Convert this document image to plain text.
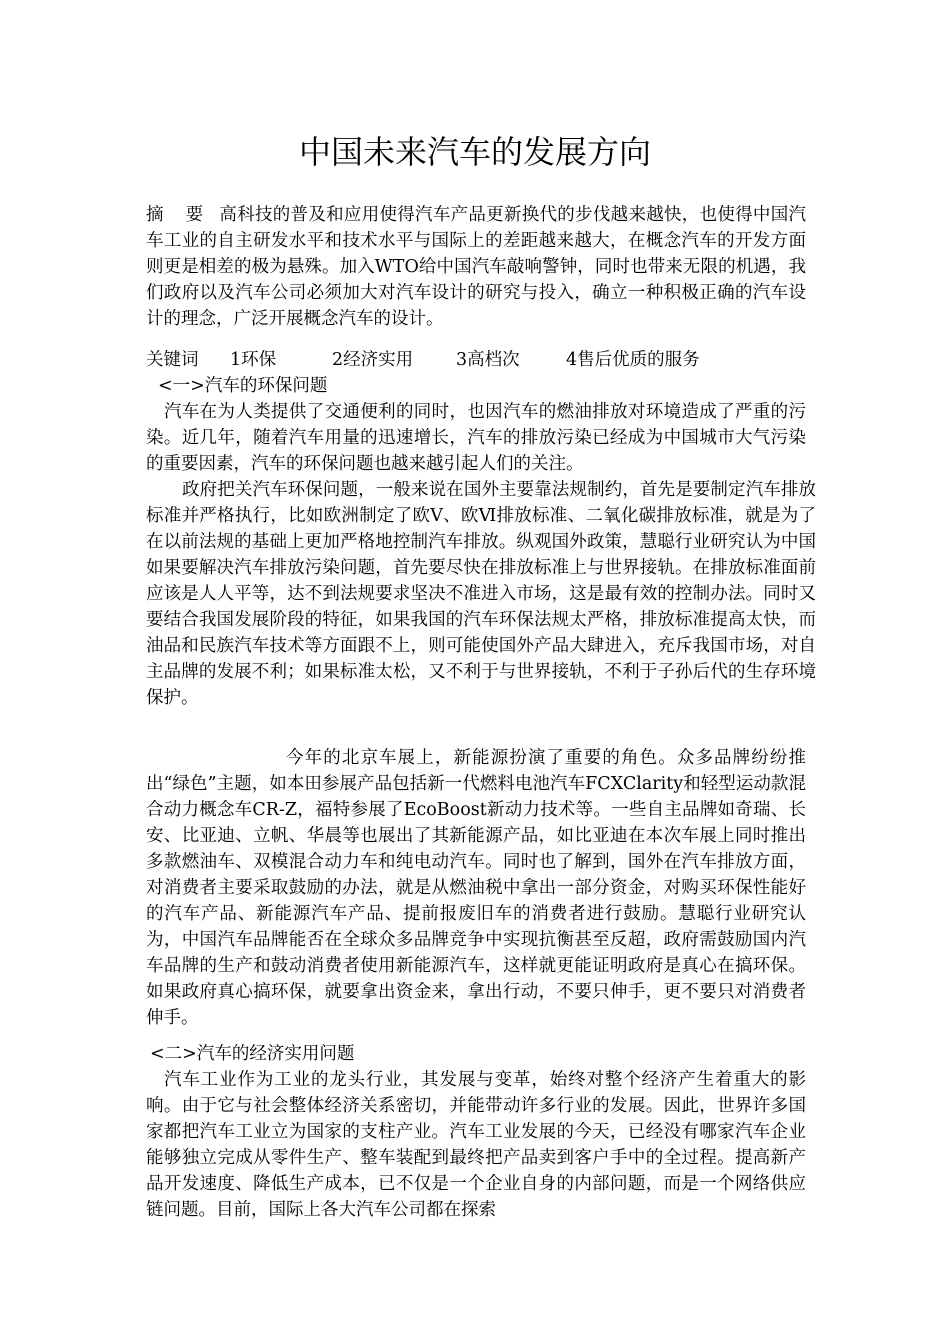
中国未来汽车的发展方向

摘 要 高科技的普及和应用使得汽车产品更新换代的步伐越来越快，也使得中国汽车工业的自主研发水平和技术水平与国际上的差距越来越大，在概念汽车的开发方面则更是相差的极为悬殊。加入WTO给中国汽车敲响警钟，同时也带来无限的机遇，我们政府以及汽车公司必须加大对汽车设计的研究与投入，确立一种积极正确的汽车设计的理念，广泛开展概念汽车的设计。

关键词 1环保	2经济实用 3高档次	4售后优质的服务
<一>汽车的环保问题

汽车在为人类提供了交通便利的同时，也因汽车的燃油排放对环境造成了严重的污染。近几年，随着汽车用量的迅速增长，汽车的排放污染已经成为中国城市大气污染的重要因素，汽车的环保问题也越来越引起人们的关注。

政府把关汽车环保问题，一般来说在国外主要靠法规制约，首先是要制定汽车排放标准并严格执行，比如欧洲制定了欧Ⅴ、欧Ⅵ排放标准、二氧化碳排放标准，就是为了在以前法规的基础上更加严格地控制汽车排放。纵观国外政策，慧聪行业研究认为中国如果要解决汽车排放污染问题，首先要尽快在排放标准上与世界接轨。在排放标准面前应该是人人平等，达不到法规要求坚决不准进入市场，这是最有效的控制办法。同时又要结合我国发展阶段的特征，如果我国的汽车环保法规太严格，排放标准提高太快，而油品和民族汽车技术等方面跟不上，则可能使国外产品大肆进入，充斥我国市场，对自主品牌的发展不利；如果标准太松，又不利于与世界接轨，不利于子孙后代的生存环境保护。

今年的北京车展上，新能源扮演了重要的角色。众多品牌纷纷推出“绿色”主题，如本田参展产品包括新一代燃料电池汽车FCXClarity和轻型运动款混合动力概念车CR-Z，福特参展了EcoBoost新动力技术等。一些自主品牌如奇瑞、长安、比亚迪、立帆、华晨等也展出了其新能源产品，如比亚迪在本次车展上同时推出多款燃油车、双模混合动力车和纯电动汽车。同时也了解到，国外在汽车排放方面，对消费者主要采取鼓励的办法，就是从燃油税中拿出一部分资金，对购买环保性能好的汽车产品、新能源汽车产品、提前报废旧车的消费者进行鼓励。慧聪行业研究认为，中国汽车品牌能否在全球众多品牌竞争中实现抗衡甚至反超，政府需鼓励国内汽车品牌的生产和鼓动消费者使用新能源汽车，这样就更能证明政府是真心在搞环保。如果政府真心搞环保，就要拿出资金来，拿出行动，不要只伸手，更不要只对消费者伸手。

<二>汽车的经济实用问题

汽车工业作为工业的龙头行业，其发展与变革，始终对整个经济产生着重大的影响。由于它与社会整体经济关系密切，并能带动许多行业的发展。因此，世界许多国家都把汽车工业立为国家的支柱产业。汽车工业发展的今天，已经没有哪家汽车企业能够独立完成从零件生产、整车装配到最终把产品卖到客户手中的全过程。提高新产品开发速度、降低生产成本，已不仅是一个企业自身的内部问题，而是一个网络供应链问题。目前，国际上各大汽车公司都在探索
